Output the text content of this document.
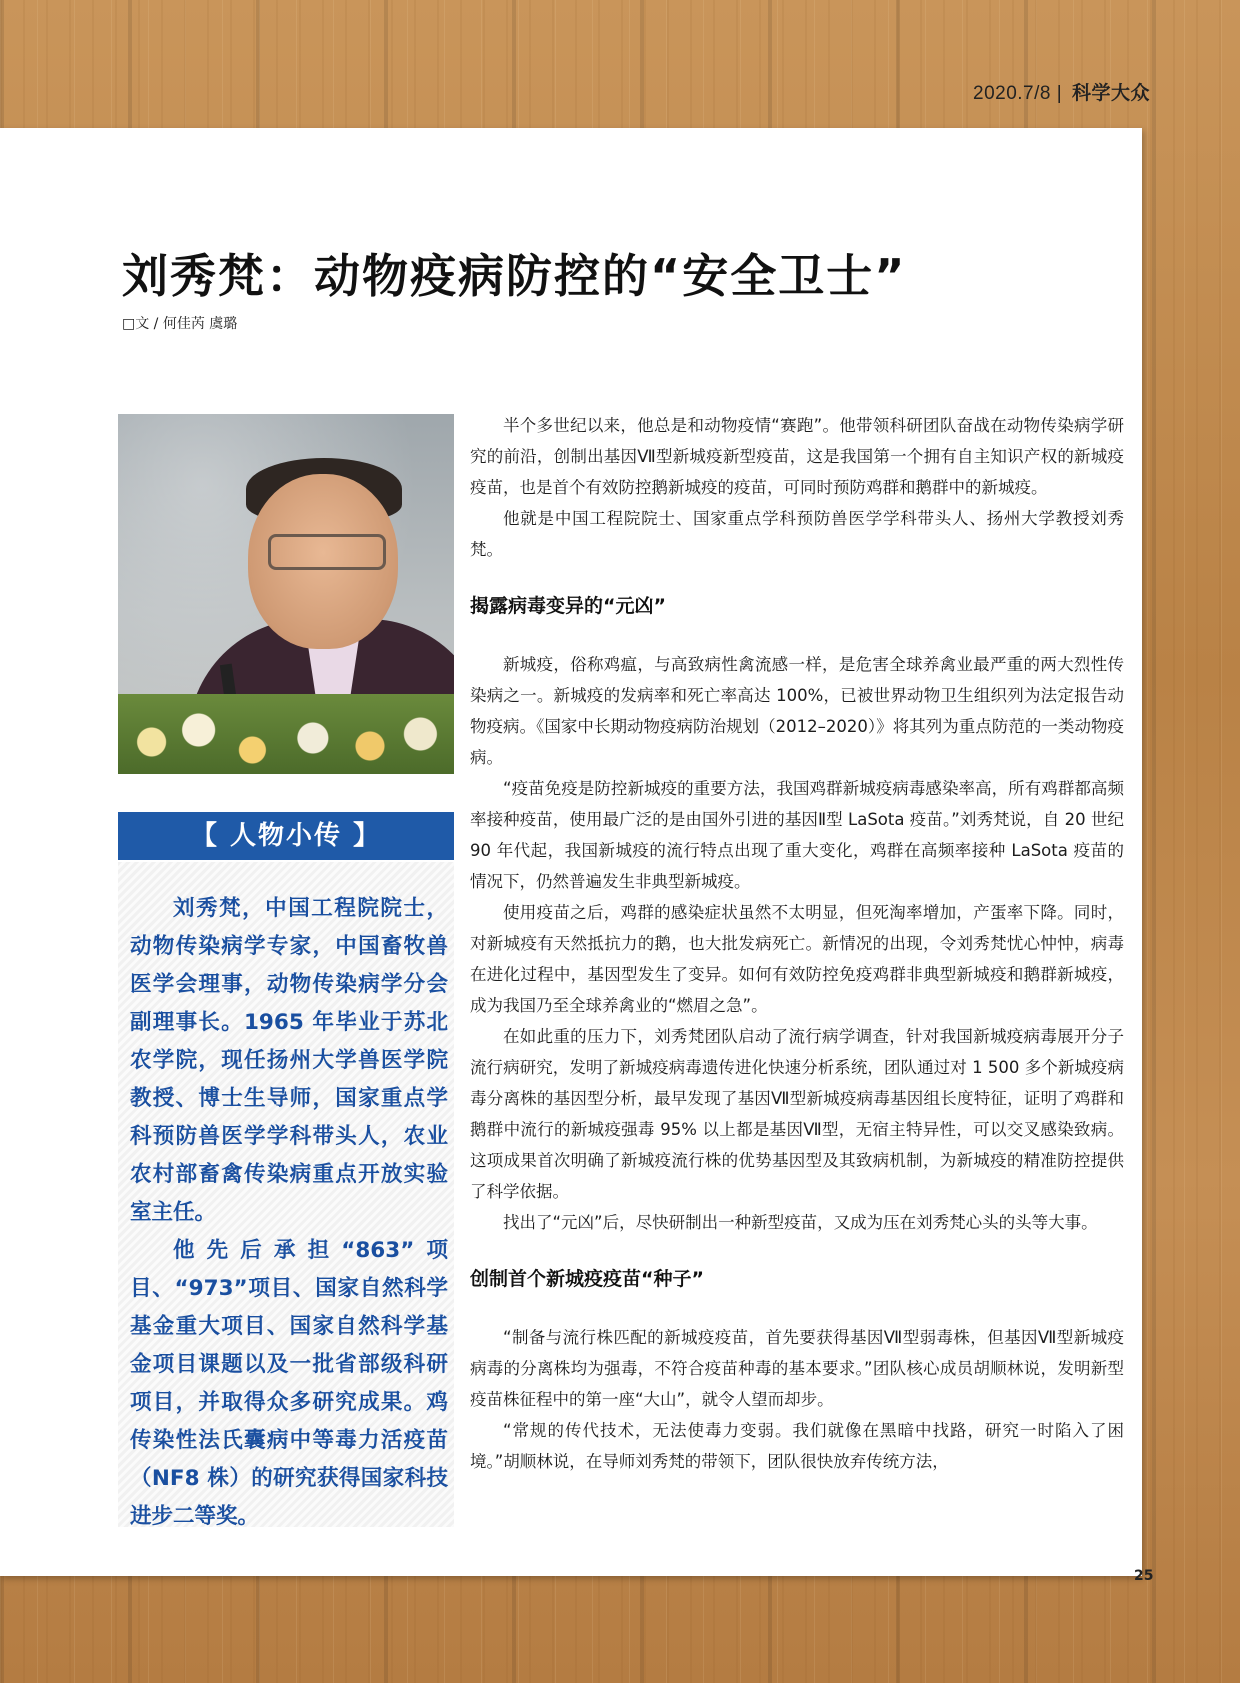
2020.7/8 | 科学大众
刘秀梵：动物疫病防控的“安全卫士”
□文 / 何佳芮 虞璐
【 人物小传 】

刘秀梵，中国工程院院士，动物传染病学专家，中国畜牧兽医学会理事，动物传染病学分会副理事长。1965 年毕业于苏北农学院，现任扬州大学兽医学院教授、博士生导师，国家重点学科预防兽医学学科带头人，农业农村部畜禽传染病重点开放实验室主任。

他先后承担“863”项目、“973”项目、国家自然科学基金重大项目、国家自然科学基金项目课题以及一批省部级科研项目，并取得众多研究成果。鸡传染性法氏囊病中等毒力活疫苗（NF8 株）的研究获得国家科技进步二等奖。

半个多世纪以来，他总是和动物疫情“赛跑”。他带领科研团队奋战在动物传染病学研究的前沿，创制出基因Ⅶ型新城疫新型疫苗，这是我国第一个拥有自主知识产权的新城疫疫苗，也是首个有效防控鹅新城疫的疫苗，可同时预防鸡群和鹅群中的新城疫。

他就是中国工程院院士、国家重点学科预防兽医学学科带头人、扬州大学教授刘秀梵。

揭露病毒变异的“元凶”

新城疫，俗称鸡瘟，与高致病性禽流感一样，是危害全球养禽业最严重的两大烈性传染病之一。新城疫的发病率和死亡率高达 100%，已被世界动物卫生组织列为法定报告动物疫病。《国家中长期动物疫病防治规划（2012–2020）》将其列为重点防范的一类动物疫病。

“疫苗免疫是防控新城疫的重要方法，我国鸡群新城疫病毒感染率高，所有鸡群都高频率接种疫苗，使用最广泛的是由国外引进的基因Ⅱ型 LaSota 疫苗。”刘秀梵说，自 20 世纪 90 年代起，我国新城疫的流行特点出现了重大变化，鸡群在高频率接种 LaSota 疫苗的情况下，仍然普遍发生非典型新城疫。

使用疫苗之后，鸡群的感染症状虽然不太明显，但死淘率增加，产蛋率下降。同时，对新城疫有天然抵抗力的鹅，也大批发病死亡。新情况的出现，令刘秀梵忧心忡忡，病毒在进化过程中，基因型发生了变异。如何有效防控免疫鸡群非典型新城疫和鹅群新城疫，成为我国乃至全球养禽业的“燃眉之急”。

在如此重的压力下，刘秀梵团队启动了流行病学调查，针对我国新城疫病毒展开分子流行病研究，发明了新城疫病毒遗传进化快速分析系统，团队通过对 1 500 多个新城疫病毒分离株的基因型分析，最早发现了基因Ⅶ型新城疫病毒基因组长度特征，证明了鸡群和鹅群中流行的新城疫强毒 95% 以上都是基因Ⅶ型，无宿主特异性，可以交叉感染致病。这项成果首次明确了新城疫流行株的优势基因型及其致病机制，为新城疫的精准防控提供了科学依据。

找出了“元凶”后，尽快研制出一种新型疫苗，又成为压在刘秀梵心头的头等大事。

创制首个新城疫疫苗“种子”

“制备与流行株匹配的新城疫疫苗，首先要获得基因Ⅶ型弱毒株，但基因Ⅶ型新城疫病毒的分离株均为强毒，不符合疫苗种毒的基本要求。”团队核心成员胡顺林说，发明新型疫苗株征程中的第一座“大山”，就令人望而却步。

“常规的传代技术，无法使毒力变弱。我们就像在黑暗中找路，研究一时陷入了困境。”胡顺林说，在导师刘秀梵的带领下，团队很快放弃传统方法，

25
